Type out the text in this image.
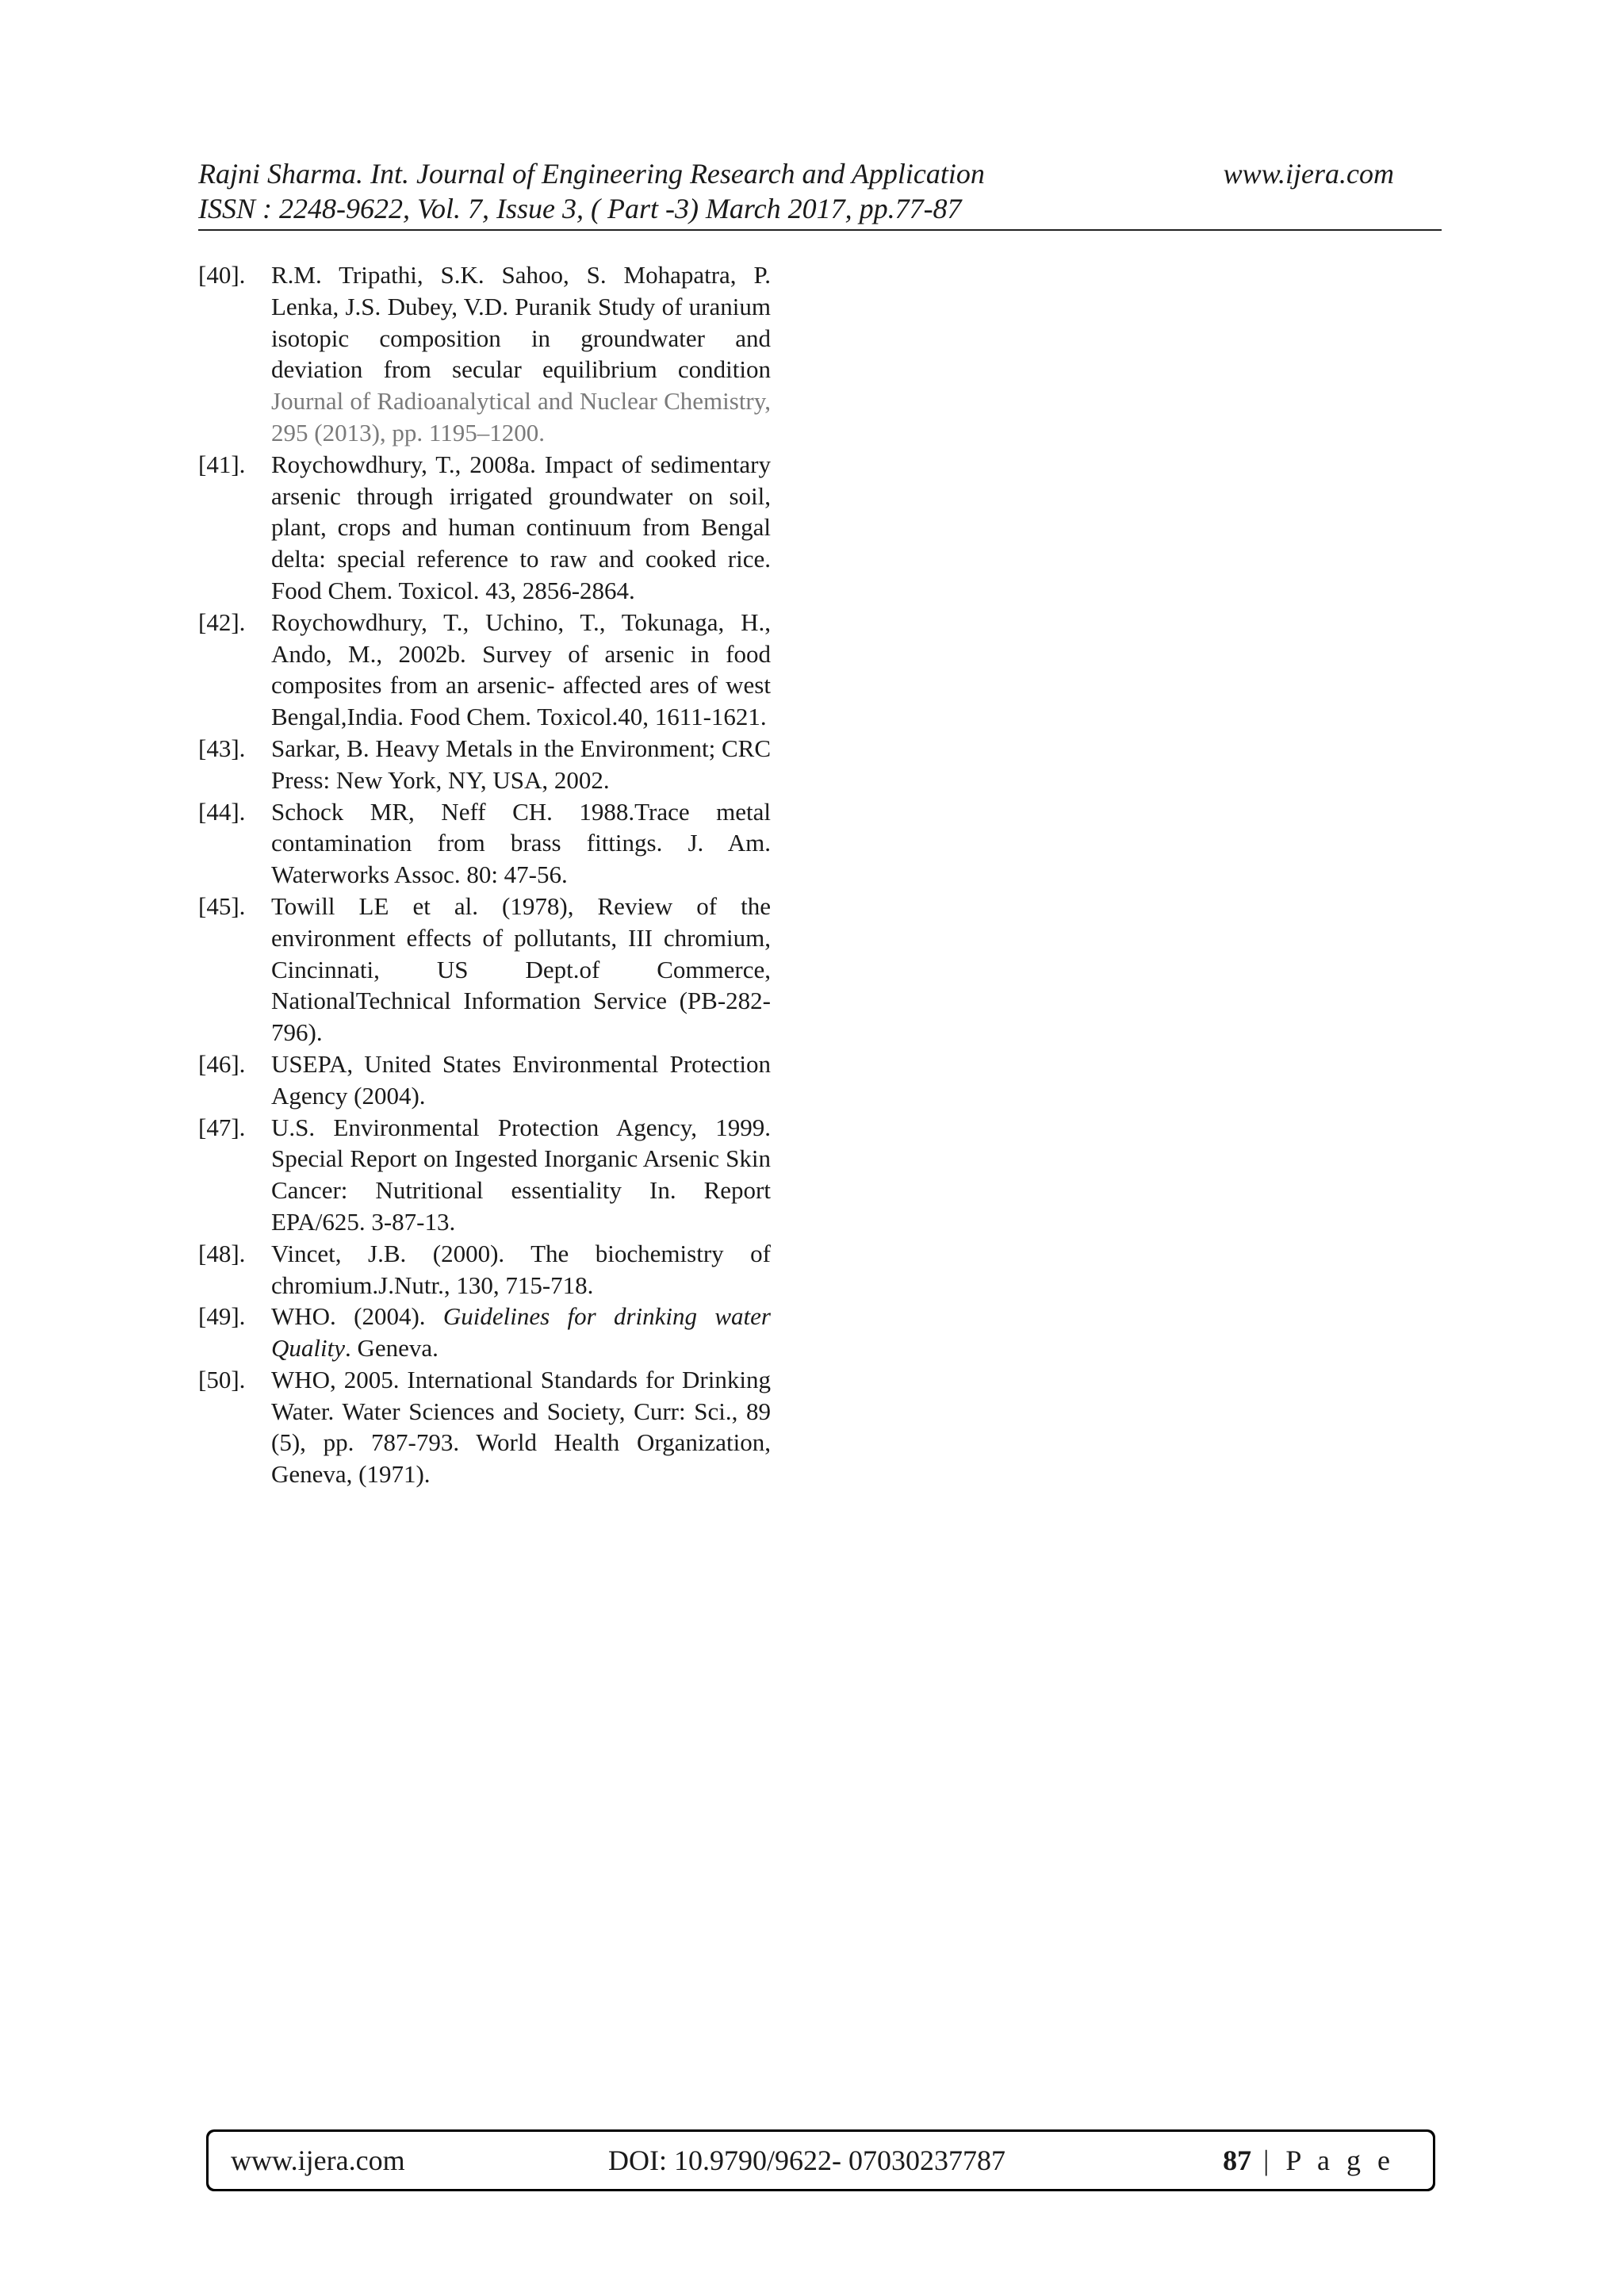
Rajni Sharma. Int. Journal of Engineering Research and Application	www.ijera.com
ISSN : 2248-9622, Vol. 7, Issue 3, ( Part -3) March 2017, pp.77-87
[40].	R.M. Tripathi, S.K. Sahoo, S. Mohapatra, P. Lenka, J.S. Dubey, V.D. Puranik Study of uranium isotopic composition in groundwater and deviation from secular equilibrium condition Journal of Radioanalytical and Nuclear Chemistry, 295 (2013), pp. 1195–1200.
[41].	Roychowdhury, T., 2008a. Impact of sedimentary arsenic through irrigated groundwater on soil, plant, crops and human continuum from Bengal delta: special reference to raw and cooked rice. Food Chem. Toxicol. 43, 2856-2864.
[42].	Roychowdhury, T., Uchino, T., Tokunaga, H., Ando, M., 2002b. Survey of arsenic in food composites from an arsenic- affected ares of west Bengal,India. Food Chem. Toxicol.40, 1611-1621.
[43].	Sarkar, B. Heavy Metals in the Environment; CRC Press: New York, NY, USA, 2002.
[44].	Schock MR, Neff CH. 1988.Trace metal contamination from brass fittings. J. Am. Waterworks Assoc. 80: 47-56.
[45].	Towill LE et al. (1978), Review of the environment effects of pollutants, III chromium, Cincinnati, US Dept.of Commerce, NationalTechnical Information Service (PB-282-796).
[46].	USEPA, United States Environmental Protection Agency (2004).
[47].	U.S. Environmental Protection Agency, 1999. Special Report on Ingested Inorganic Arsenic Skin Cancer: Nutritional essentiality In. Report EPA/625. 3-87-13.
[48].	Vincet, J.B. (2000). The biochemistry of chromium.J.Nutr., 130, 715-718.
[49].	WHO. (2004). Guidelines for drinking water Quality. Geneva.
[50].	WHO, 2005. International Standards for Drinking Water. Water Sciences and Society, Curr: Sci., 89 (5), pp. 787-793. World Health Organization, Geneva, (1971).
www.ijera.com	DOI: 10.9790/9622- 07030237787	87 | P a g e
